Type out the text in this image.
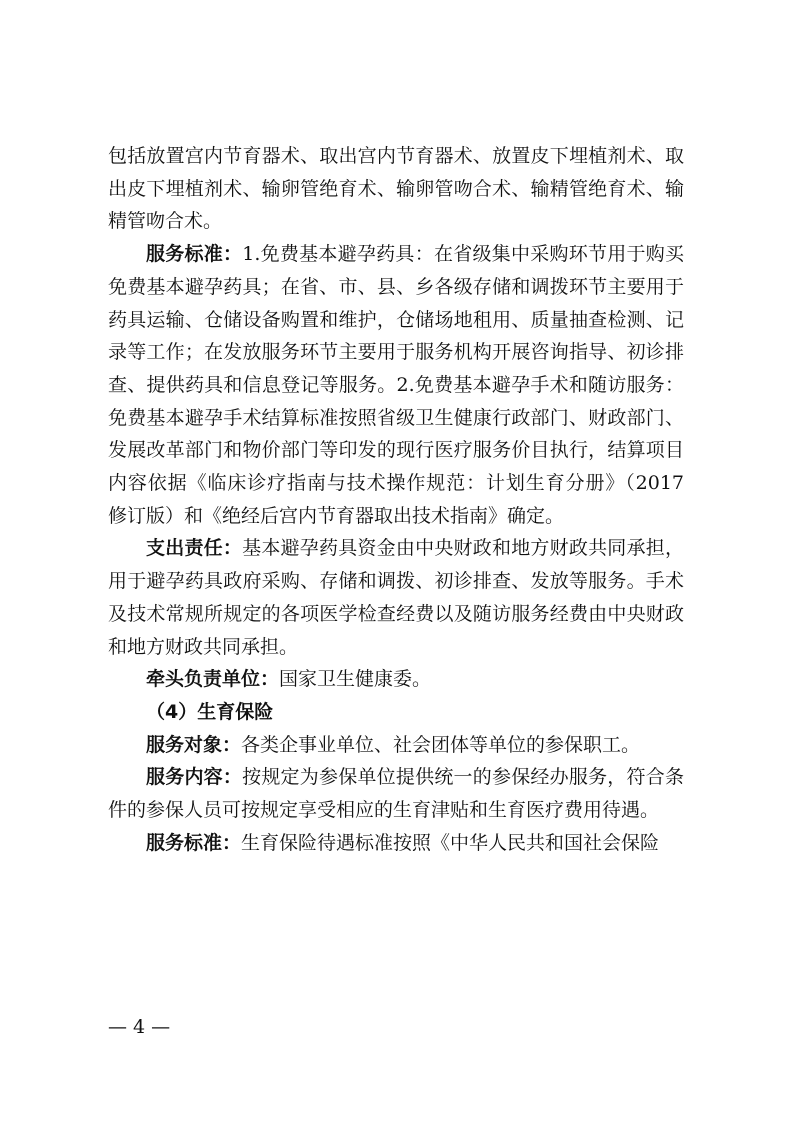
包括放置宫内节育器术、取出宫内节育器术、放置皮下埋植剂术、取出皮下埋植剂术、输卵管绝育术、输卵管吻合术、输精管绝育术、输精管吻合术。

服务标准：1.免费基本避孕药具：在省级集中采购环节用于购买免费基本避孕药具；在省、市、县、乡各级存储和调拨环节主要用于药具运输、仓储设备购置和维护，仓储场地租用、质量抽查检测、记录等工作；在发放服务环节主要用于服务机构开展咨询指导、初诊排查、提供药具和信息登记等服务。2.免费基本避孕手术和随访服务：免费基本避孕手术结算标准按照省级卫生健康行政部门、财政部门、发展改革部门和物价部门等印发的现行医疗服务价目执行，结算项目内容依据《临床诊疗指南与技术操作规范：计划生育分册》（2017 修订版）和《绝经后宫内节育器取出技术指南》确定。

支出责任：基本避孕药具资金由中央财政和地方财政共同承担，用于避孕药具政府采购、存储和调拨、初诊排查、发放等服务。手术及技术常规所规定的各项医学检查经费以及随访服务经费由中央财政和地方财政共同承担。

牵头负责单位：国家卫生健康委。

（4）生育保险

服务对象：各类企事业单位、社会团体等单位的参保职工。

服务内容：按规定为参保单位提供统一的参保经办服务，符合条件的参保人员可按规定享受相应的生育津贴和生育医疗费用待遇。

服务标准：生育保险待遇标准按照《中华人民共和国社会保险

— 4 —
